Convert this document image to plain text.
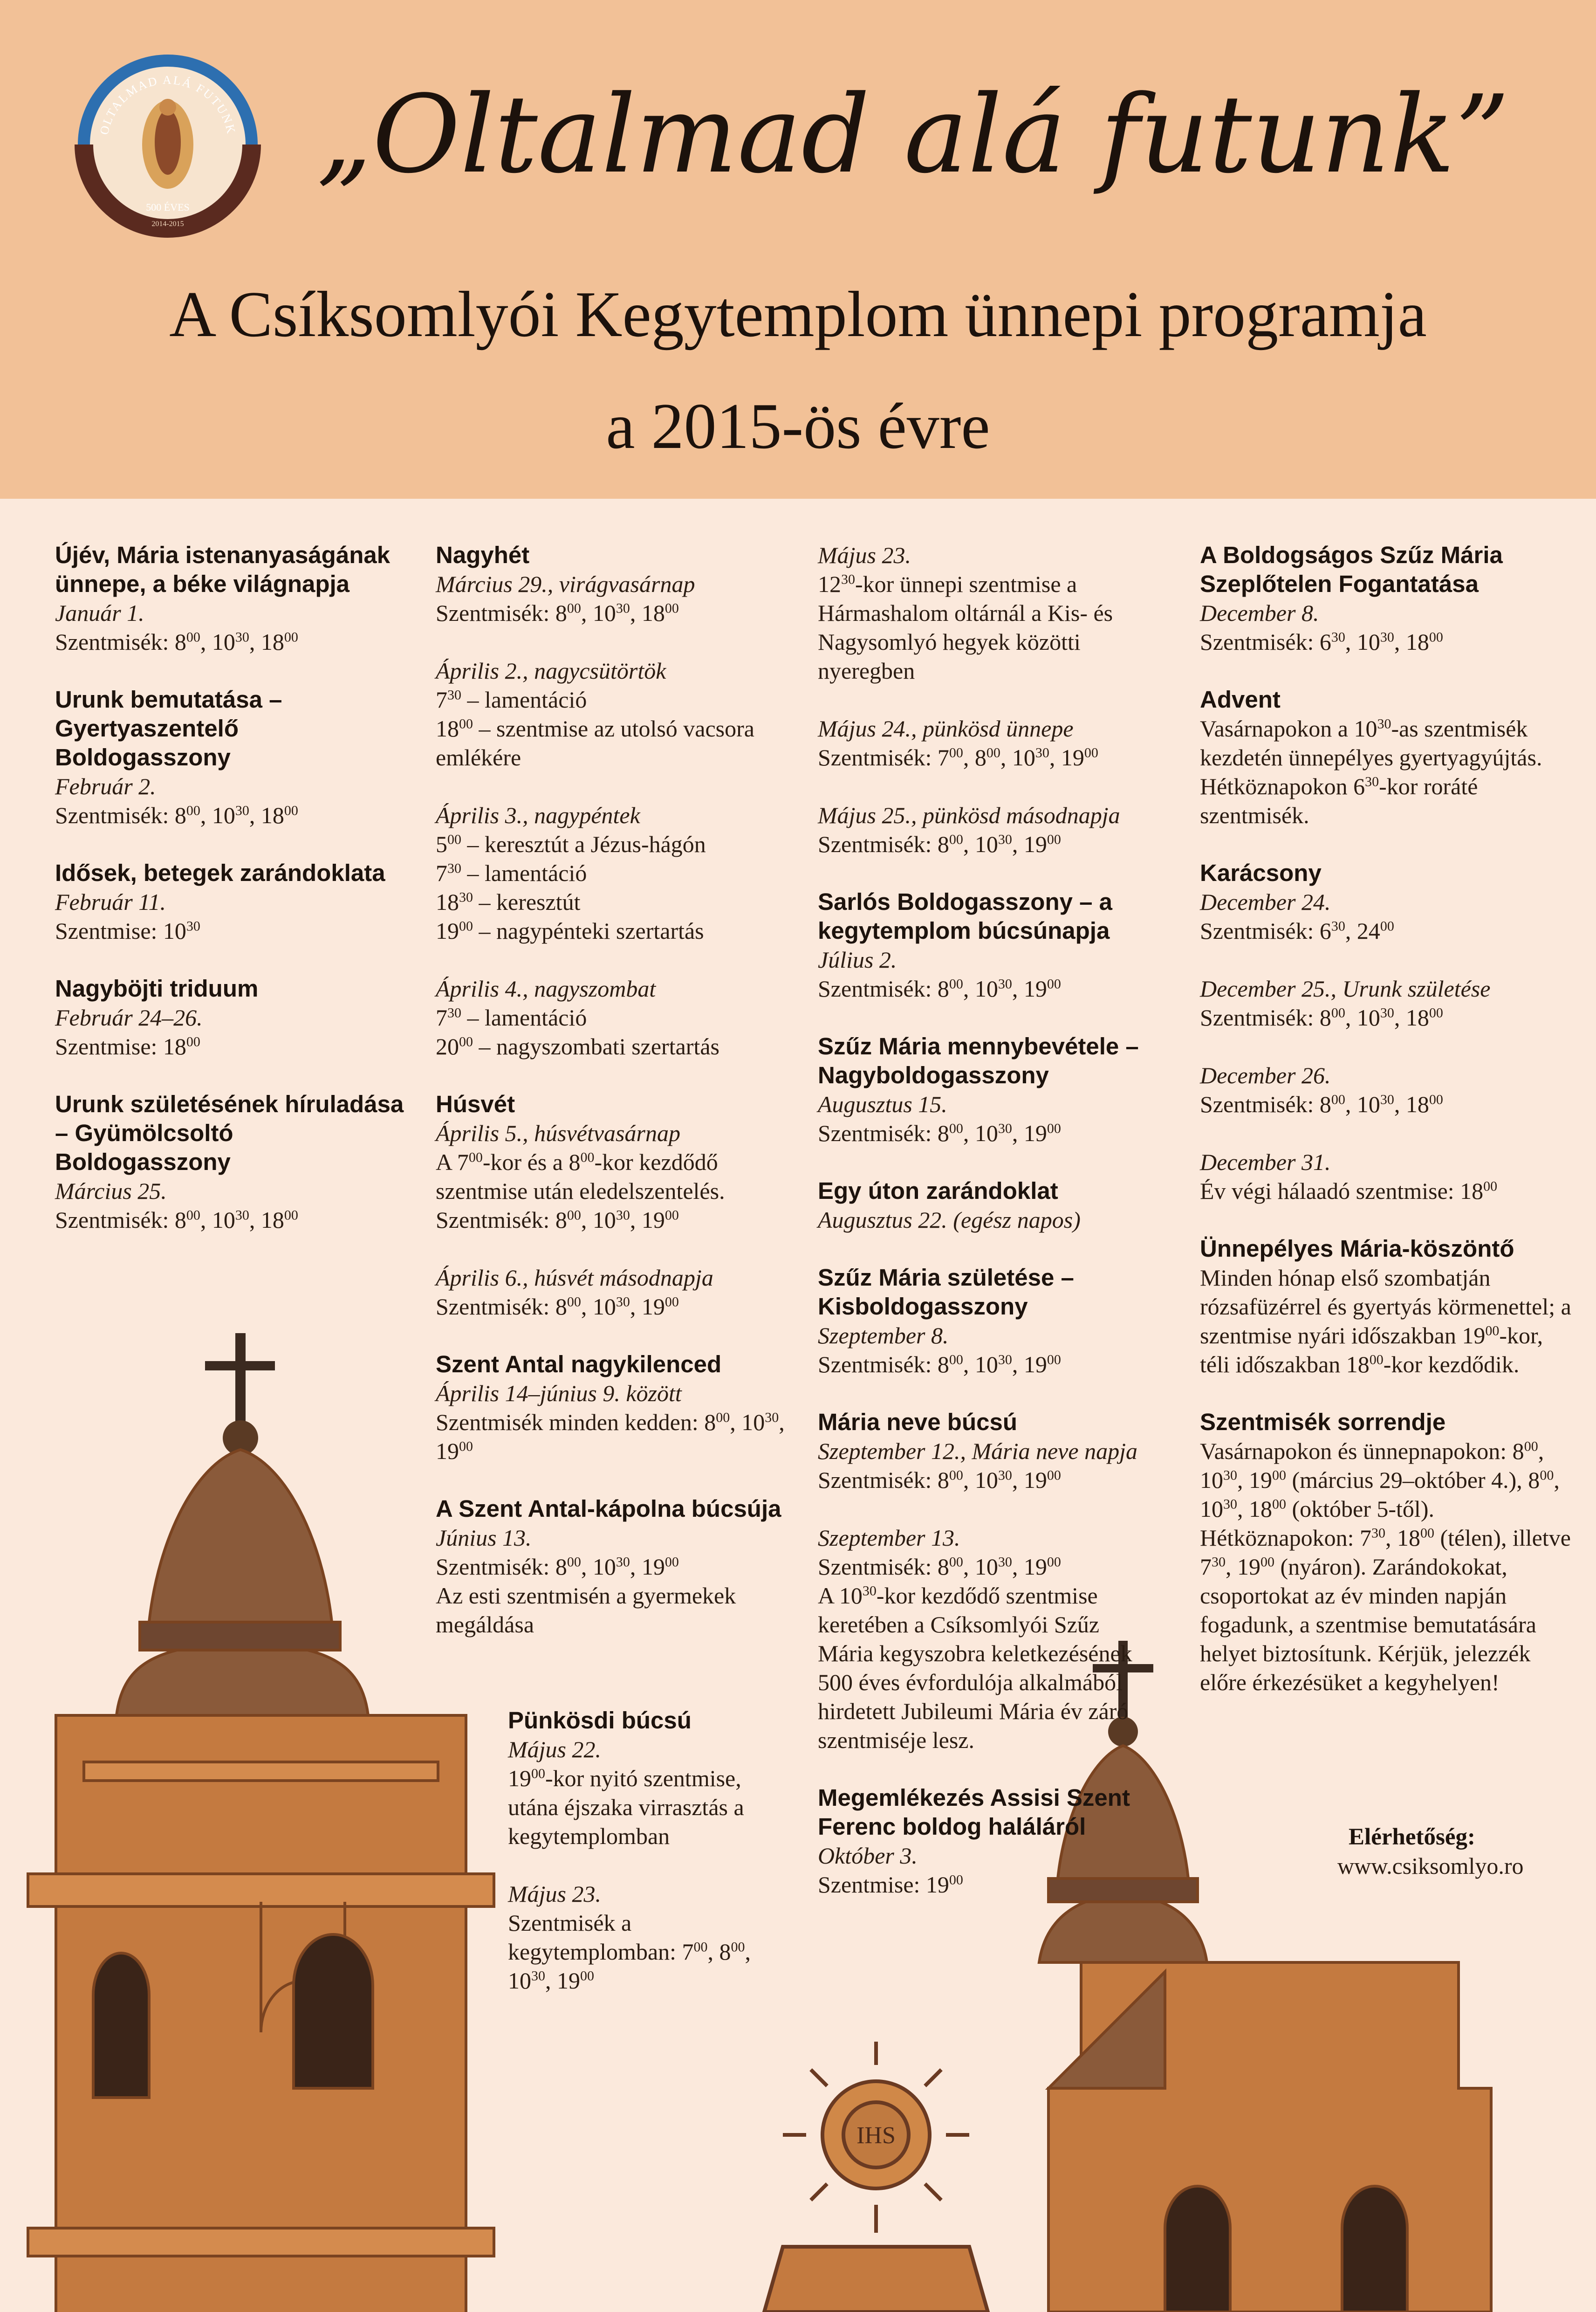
OLTALMAD ALÁ FUTUNK
500 ÉVES
2014-2015
„Oltalmad alá futunk”
A Csíksomlyói Kegytemplom ünnepi programja
a 2015-ös évre
IHS
Újév, Mária istenanyaságának ünnepe, a béke világnapja
Január 1.
Szentmisék: $8^{00}$, $10^{30}$, $18^{00}$
Urunk bemutatása – Gyertyaszentelő Boldogasszony
Február 2.
Szentmisék: $8^{00}$, $10^{30}$, $18^{00}$
Idősek, betegek zarándoklata
Február 11.
Szentmise: $10^{30}$
Nagyböjti triduum
Február 24–26.
Szentmise: $18^{00}$
Urunk születésének híruladása – Gyümölcsoltó Boldogasszony
Március 25.
Szentmisék: $8^{00}$, $10^{30}$, $18^{00}$
Nagyhét
Március 29., virágvasárnap
Szentmisék: $8^{00}$, $10^{30}$, $18^{00}$
Április 2., nagycsütörtök
$7^{30}$ – lamentáció
$18^{00}$ – szentmise az utolsó vacsora emlékére
Április 3., nagypéntek
$5^{00}$ – keresztút a Jézus-hágón
$7^{30}$ – lamentáció
$18^{30}$ – keresztút
$19^{00}$ – nagypénteki szertartás
Április 4., nagyszombat
$7^{30}$ – lamentáció
$20^{00}$ – nagyszombati szertartás
Húsvét
Április 5., húsvétvasárnap
A $7^{00}$-kor és a $8^{00}$-kor kezdődő szentmise után eledelszentelés.
Szentmisék: $8^{00}$, $10^{30}$, $19^{00}$
Április 6., húsvét másodnapja
Szentmisék: $8^{00}$, $10^{30}$, $19^{00}$
Szent Antal nagykilenced
Április 14–június 9. között
Szentmisék minden kedden: $8^{00}$, $10^{30}$, $19^{00}$
A Szent Antal-kápolna búcsúja
Június 13.
Szentmisék: $8^{00}$, $10^{30}$, $19^{00}$
Az esti szentmisén a gyermekek megáldása
Május 23.
$12^{30}$-kor ünnepi szentmise a Hármashalom oltárnál a Kis- és Nagysomlyó hegyek közötti nyeregben
Május 24., pünkösd ünnepe
Szentmisék: $7^{00}$, $8^{00}$, $10^{30}$, $19^{00}$
Május 25., pünkösd másodnapja
Szentmisék: $8^{00}$, $10^{30}$, $19^{00}$
Sarlós Boldogasszony – a kegytemplom búcsúnapja
Július 2.
Szentmisék: $8^{00}$, $10^{30}$, $19^{00}$
Szűz Mária mennybevétele – Nagyboldogasszony
Augusztus 15.
Szentmisék: $8^{00}$, $10^{30}$, $19^{00}$
Egy úton zarándoklat
Augusztus 22. (egész napos)
Szűz Mária születése – Kisboldogasszony
Szeptember 8.
Szentmisék: $8^{00}$, $10^{30}$, $19^{00}$
Mária neve búcsú
Szeptember 12., Mária neve napja
Szentmisék: $8^{00}$, $10^{30}$, $19^{00}$
Szeptember 13.
Szentmisék: $8^{00}$, $10^{30}$, $19^{00}$
A $10^{30}$-kor kezdődő szentmise keretében a Csíksomlyói Szűz Mária kegyszobra keletkezésének 500 éves évfordulója alkalmából hirdetett Jubileumi Mária év záró szentmiséje lesz.
Megemlékezés Assisi Szent Ferenc boldog haláláról
Október 3.
Szentmise: $19^{00}$
A Boldogságos Szűz Mária Szeplőtelen Fogantatása
December 8.
Szentmisék: $6^{30}$, $10^{30}$, $18^{00}$
Advent
Vasárnapokon a $10^{30}-as$ szentmisék kezdetén ünnepélyes gyertyagyújtás. Hétköznapokon $6^{30}$-kor roráté szentmisék.
Karácsony
December 24.
Szentmisék: $6^{30}$, $24^{00}$
December 25., Urunk születése
Szentmisék: $8^{00}$, $10^{30}$, $18^{00}$
December 26.
Szentmisék: $8^{00}$, $10^{30}$, $18^{00}$
December 31.
Év végi hálaadó szentmise: $18^{00}$
Ünnepélyes Mária-köszöntő
Minden hónap első szombatján rózsafüzérrel és gyertyás körmenettel; a szentmise nyári időszakban $19^{00}$-kor, téli időszakban $18^{00}$-kor kezdődik.
Szentmisék sorrendje
Vasárnapokon és ünnepnapokon: $8^{00}$, $10^{30}$, $19^{00}$ (március 29–október 4.), $8^{00}$, $10^{30}$, $18^{00}$ (október 5-től). Hétköznapokon: $7^{30}$, $18^{00}$ (télen), illetve $7^{30}$, $19^{00}$ (nyáron). Zarándokokat, csoportokat az év minden napján fogadunk, a szentmise bemutatására helyet biztosítunk. Kérjük, jelezzék előre érkezésüket a kegyhelyen!
Pünkösdi búcsú
Május 22.
$19^{00}$-kor nyitó szentmise, utána éjszaka virrasztás a kegytemplomban
Május 23.
Szentmisék a kegytemplomban: $7^{00}$, $8^{00}$, $10^{30}$, $19^{00}$
Elérhetőség:
www.csiksomlyo.ro
